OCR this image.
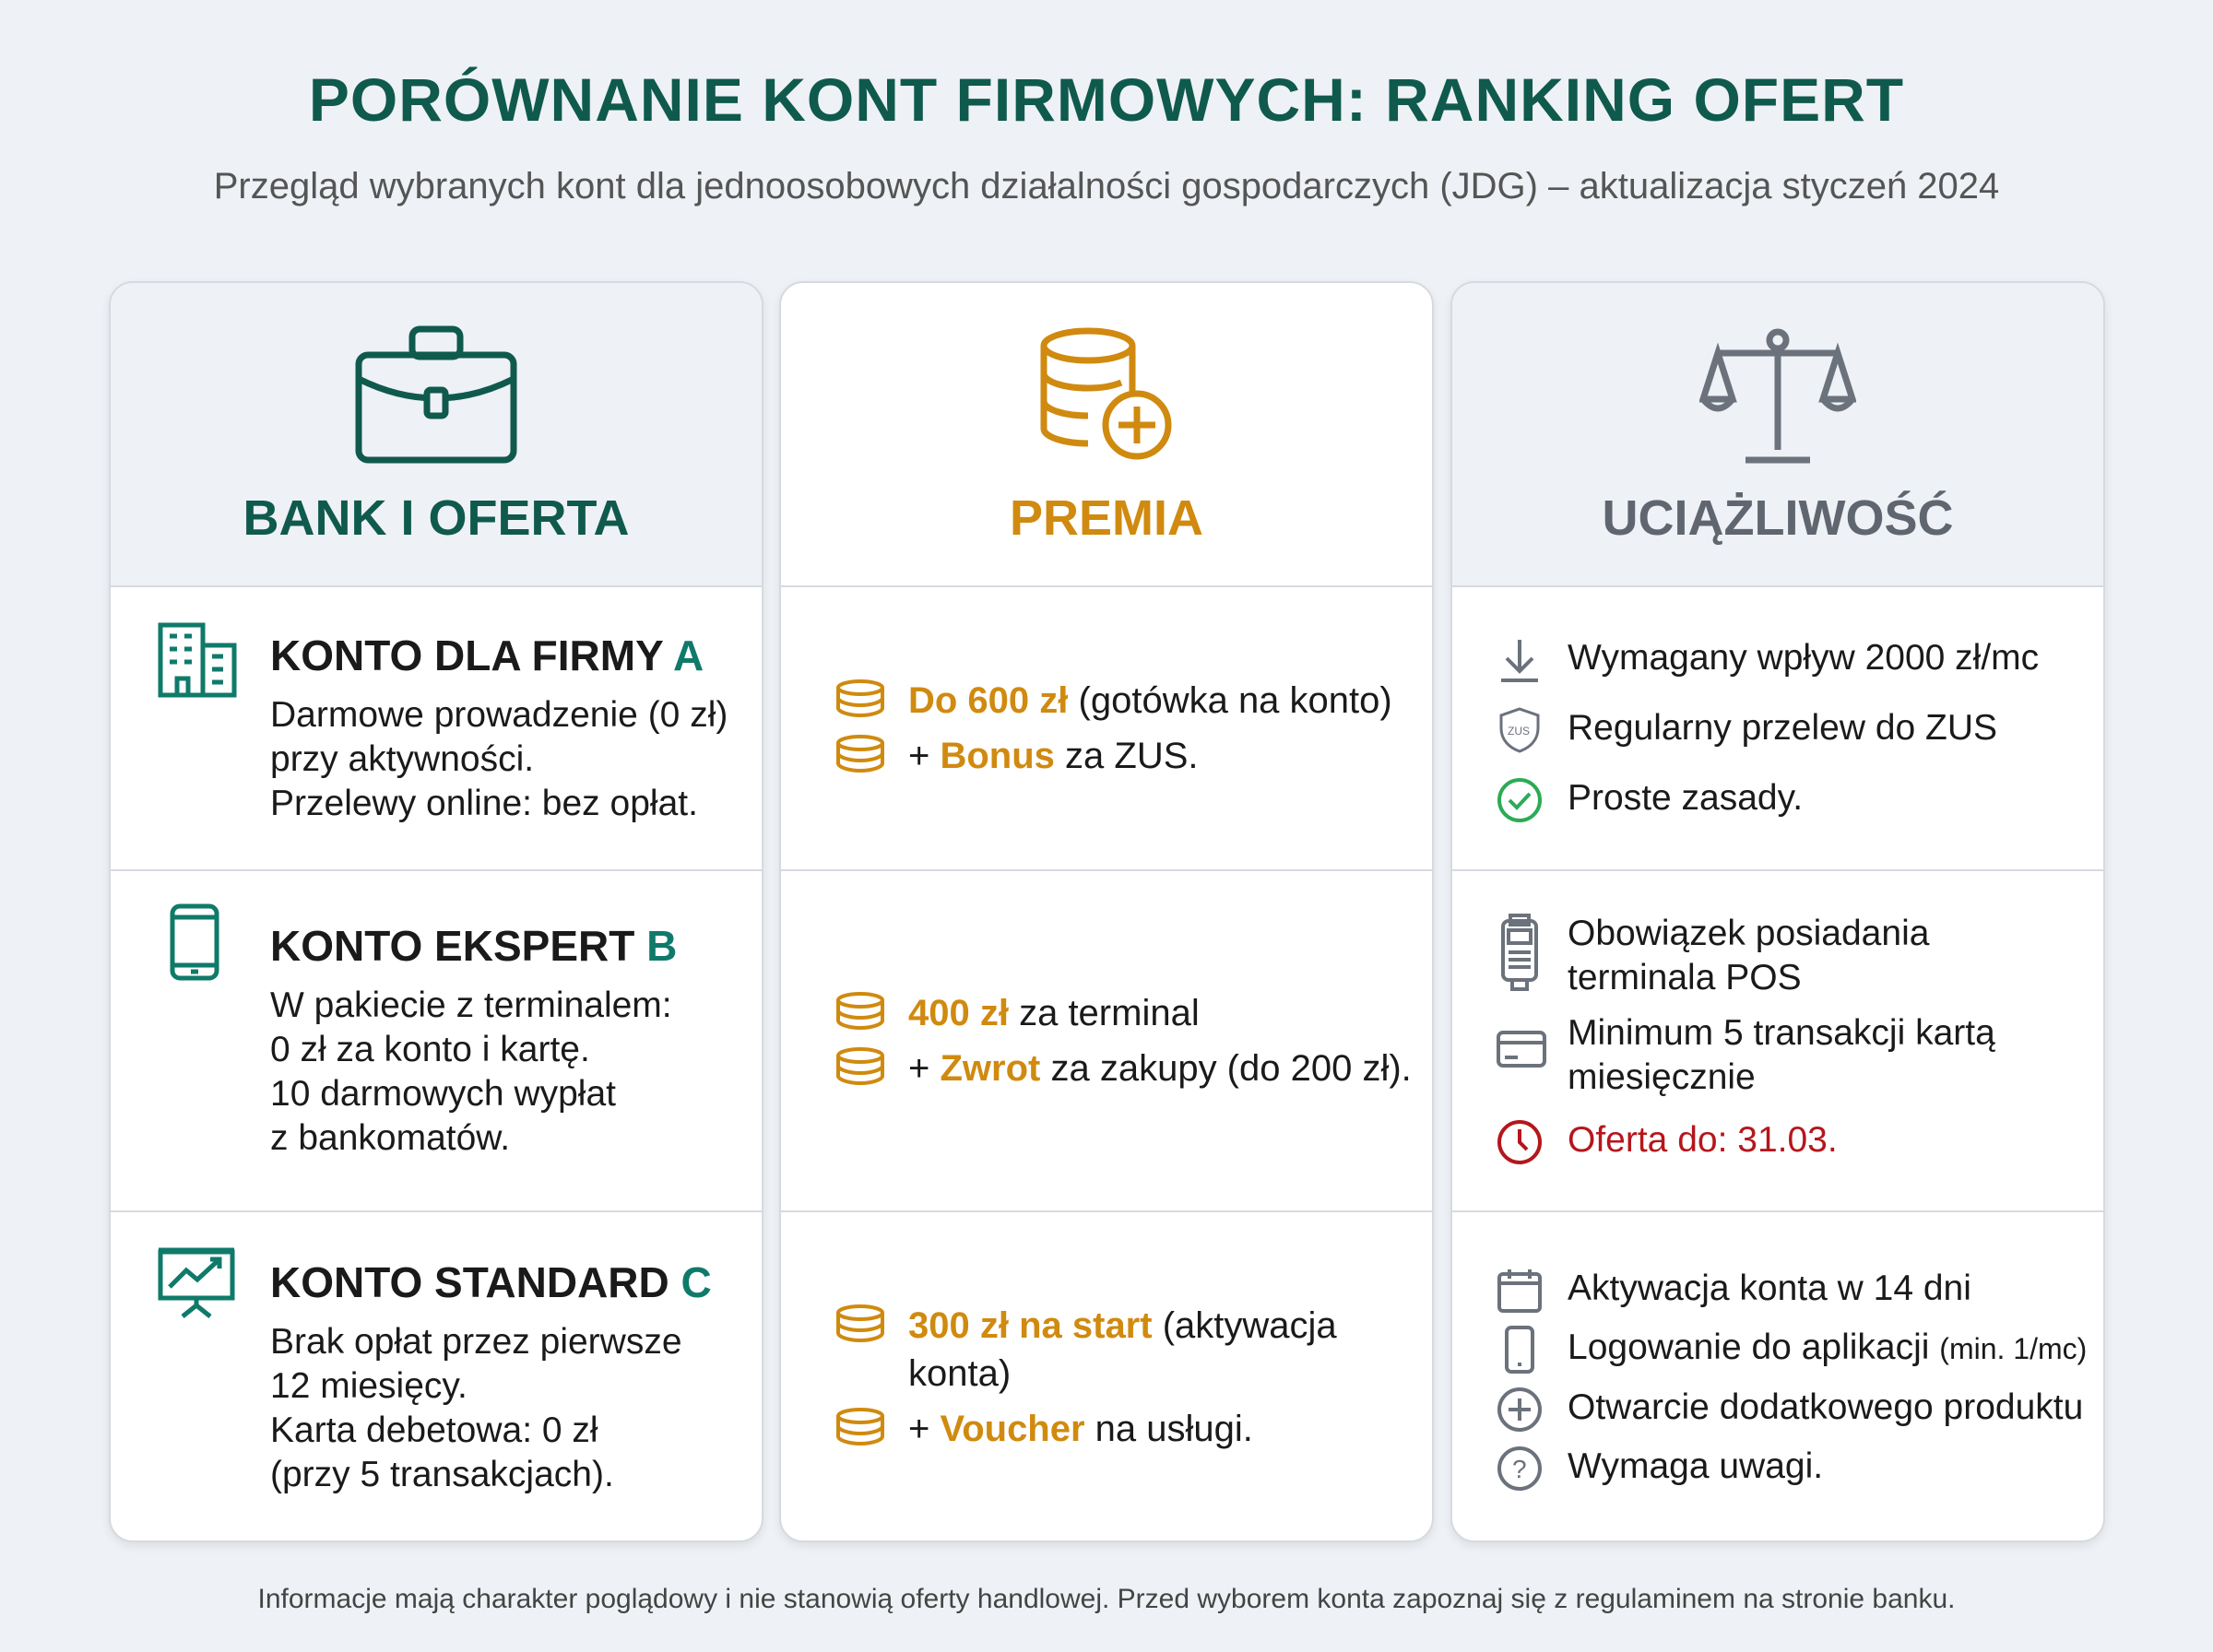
PORÓWNANIE KONT FIRMOWYCH: RANKING OFERT
Przegląd wybranych kont dla jednoosobowych działalności gospodarczych (JDG) – aktualizacja styczeń 2024
BANK I OFERTA
KONTO DLA FIRMY A

Darmowe prowadzenie (0 zł)

przy aktywności.

Przelewy online: bez opłat.

KONTO EKSPERT B

W pakiecie z terminalem:

0 zł za konto i kartę.

10 darmowych wypłat

z bankomatów.

KONTO STANDARD C

Brak opłat przez pierwsze

12 miesięcy.

Karta debetowa: 0 zł

(przy 5 transakcjach).

PREMIA
Do 600 zł (gotówka na konto)
+ Bonus za ZUS.
400 zł za terminal
+ Zwrot za zakupy (do 200 zł).
300 zł na start (aktywacja konta)
+ Voucher na usługi.
UCIĄŻLIWOŚĆ
Wymagany wpływ 2000 zł/mc
ZUS Regularny przelew do ZUS
Proste zasady.
Obowiązek posiadania terminala POS
Minimum 5 transakcji kartą miesięcznie
Oferta do: 31.03.
Aktywacja konta w 14 dni
Logowanie do aplikacji (min. 1/mc)
Otwarcie dodatkowego produktu
? Wymaga uwagi.
Informacje mają charakter poglądowy i nie stanowią oferty handlowej. Przed wyborem konta zapoznaj się z regulaminem na stronie banku.
